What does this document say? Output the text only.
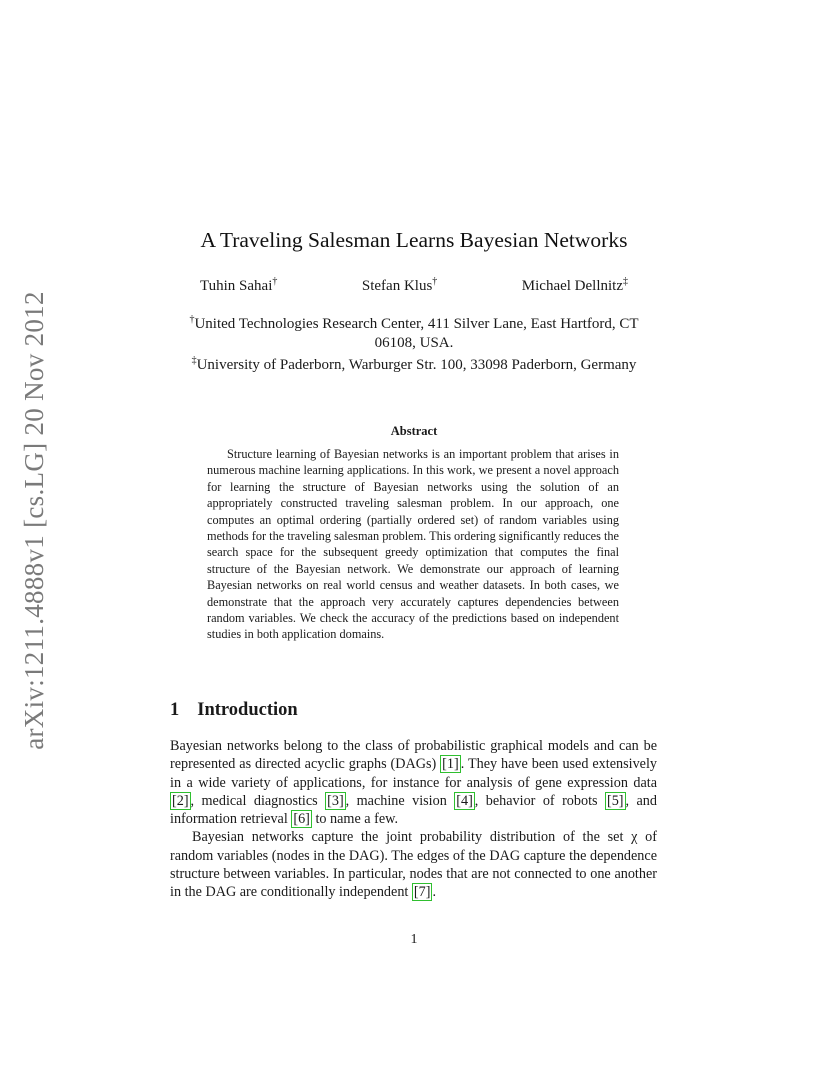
arXiv:1211.4888v1 [cs.LG] 20 Nov 2012
A Traveling Salesman Learns Bayesian Networks
Tuhin Sahai†	Stefan Klus†	Michael Dellnitz‡
†United Technologies Research Center, 411 Silver Lane, East Hartford, CT 06108, USA.
‡University of Paderborn, Warburger Str. 100, 33098 Paderborn, Germany
Abstract
Structure learning of Bayesian networks is an important problem that arises in numerous machine learning applications. In this work, we present a novel approach for learning the structure of Bayesian networks using the solution of an appropriately constructed traveling salesman problem. In our approach, one computes an optimal ordering (partially ordered set) of random variables using methods for the traveling salesman problem. This ordering significantly reduces the search space for the subsequent greedy optimization that computes the final structure of the Bayesian network. We demonstrate our approach of learning Bayesian networks on real world census and weather datasets. In both cases, we demonstrate that the approach very accurately captures dependencies between random variables. We check the accuracy of the predictions based on independent studies in both application domains.
1 Introduction

Bayesian networks belong to the class of probabilistic graphical models and can be represented as directed acyclic graphs (DAGs) [1] . They have been used extensively in a wide variety of applications, for instance for analysis of gene expression data [2] , medical diagnostics [3] , machine vision [4] , behavior of robots [5] , and information retrieval [6] to name a few.

Bayesian networks capture the joint probability distribution of the set χ of random variables (nodes in the DAG). The edges of the DAG capture the dependence structure between variables. In particular, nodes that are not connected to one another in the DAG are conditionally independent [7] .

1
